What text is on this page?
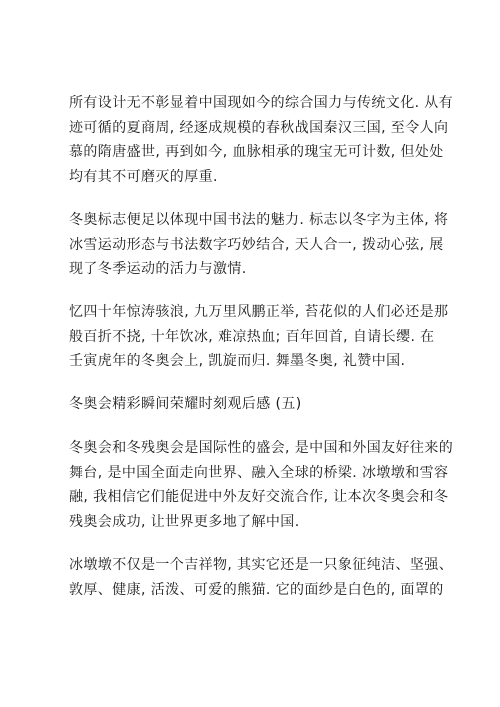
所有设计无不彰显着中国现如今的综合国力与传统文化. 从有
迹可循的夏商周, 经逐成规模的春秋战国秦汉三国, 至令人向
慕的隋唐盛世, 再到如今, 血脉相承的瑰宝无可计数, 但处处
均有其不可磨灭的厚重.

冬奥标志便足以体现中国书法的魅力. 标志以冬字为主体, 将
冰雪运动形态与书法数字巧妙结合, 天人合一, 拨动心弦, 展
现了冬季运动的活力与激情.

忆四十年惊涛骇浪, 九万里风鹏正举, 苔花似的人们必还是那
般百折不挠, 十年饮冰, 难凉热血; 百年回首, 自请长缨. 在
壬寅虎年的冬奥会上, 凯旋而归. 舞墨冬奥, 礼赞中国.

冬奥会精彩瞬间荣耀时刻观后感 (五)

冬奥会和冬残奥会是国际性的盛会, 是中国和外国友好往来的
舞台, 是中国全面走向世界、融入全球的桥梁. 冰墩墩和雪容
融, 我相信它们能促进中外友好交流合作, 让本次冬奥会和冬
残奥会成功, 让世界更多地了解中国.

冰墩墩不仅是一个吉祥物, 其实它还是一只象征纯洁、坚强、
敦厚、健康, 活泼、可爱的熊猫. 它的面纱是白色的, 面罩的
